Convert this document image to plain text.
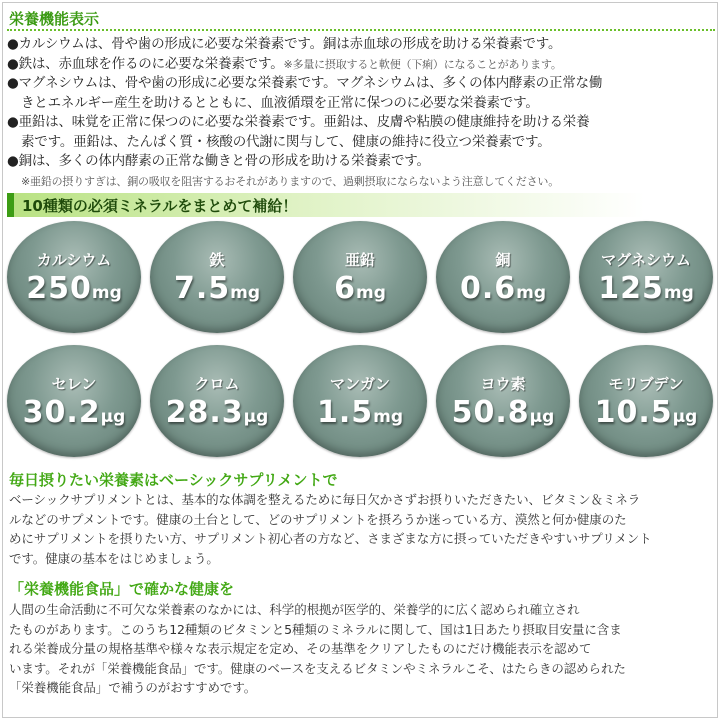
栄養機能表示
●カルシウムは、骨や歯の形成に必要な栄養素です。銅は赤血球の形成を助ける栄養素です。
●鉄は、赤血球を作るのに必要な栄養素です。※多量に摂取すると軟便（下痢）になることがあります。
●マグネシウムは、骨や歯の形成に必要な栄養素です。マグネシウムは、多くの体内酵素の正常な働
きとエネルギー産生を助けるとともに、血液循環を正常に保つのに必要な栄養素です。
●亜鉛は、味覚を正常に保つのに必要な栄養素です。亜鉛は、皮膚や粘膜の健康維持を助ける栄養
素です。亜鉛は、たんぱく質・核酸の代謝に関与して、健康の維持に役立つ栄養素です。
●銅は、多くの体内酵素の正常な働きと骨の形成を助ける栄養素です。
※亜鉛の摂りすぎは、銅の吸収を阻害するおそれがありますので、過剰摂取にならないよう注意してください。
10種類の必須ミネラルをまとめて補給！
カルシウム
250mg
鉄
7.5mg
亜鉛
6mg
銅
0.6mg
マグネシウム
125mg
セレン
30.2μg
クロム
28.3μg
マンガン
1.5mg
ヨウ素
50.8μg
モリブデン
10.5μg
毎日摂りたい栄養素はベーシックサプリメントで
ベーシックサプリメントとは、基本的な体調を整えるために毎日欠かさずお摂りいただきたい、ビタミン＆ミネラ
ルなどのサプメントです。健康の土台として、どのサプリメントを摂ろうか迷っている方、漠然と何か健康のた
めにサプリメントを摂りたい方、サプリメント初心者の方など、さまざまな方に摂っていただきやすいサプリメント
です。健康の基本をはじめましょう。
「栄養機能食品」で確かな健康を
人間の生命活動に不可欠な栄養素のなかには、科学的根拠が医学的、栄養学的に広く認められ確立され
たものがあります。このうち12種類のビタミンと5種類のミネラルに関して、国は1日あたり摂取目安量に含ま
れる栄養成分量の規格基準や様々な表示規定を定め、その基準をクリアしたものにだけ機能表示を認めて
います。それが「栄養機能食品」です。健康のベースを支えるビタミンやミネラルこそ、はたらきの認められた
「栄養機能食品」で補うのがおすすめです。
